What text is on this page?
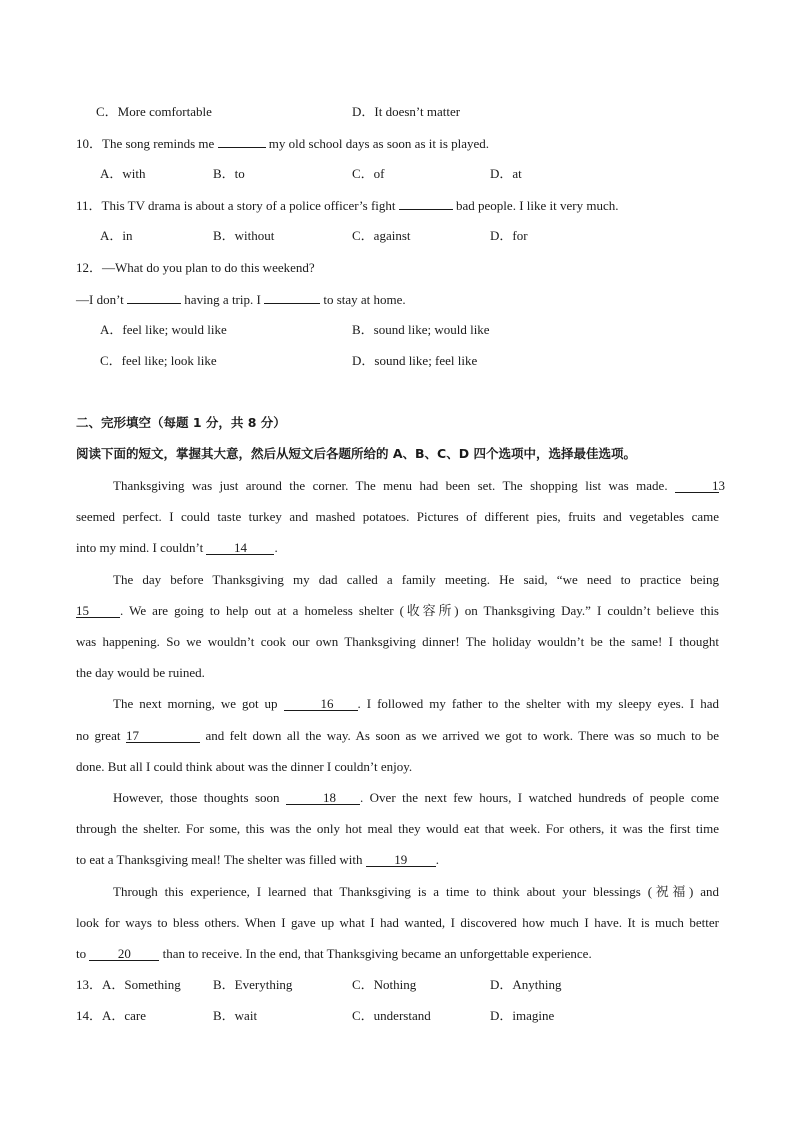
C．More comfortable	D．It doesn’t matter
10．The song reminds me	my old school days as soon as it is played.
A．with	B．to	C．of	D．at
11．This TV drama is about a story of a police officer’s fight	bad people. I like it very much.
A．in	B．without	C．against	D．for
12．—What do you plan to do this weekend?
—I don’t	having a trip. I	to stay at home.
A．feel like; would like	B．sound like; would like
C．feel like; look like	D．sound like; feel like
二、完形填空（每题 1 分，共 8 分）
阅读下面的短文，掌握其大意，然后从短文后各题所给的 A、B、C、D 四个选项中，选择最佳选项。
Thanksgiving was just around the corner. The menu had been set. The shopping list was made.	13
seemed perfect. I could taste turkey and mashed potatoes. Pictures of different pies, fruits and vegetables came
into my mind. I couldn’t 14 .
The day before Thanksgiving my dad called a family meeting. He said, “we need to practice being
15 . We are going to help out at a homeless shelter (收容所) on Thanksgiving Day.” I couldn’t believe this
was happening. So we wouldn’t cook our own Thanksgiving dinner! The holiday wouldn’t be the same! I thought
the day would be ruined.
The next morning, we got up	16 . I followed my father to the shelter with my sleepy eyes. I had
no great 17	and felt down all the way. As soon as we arrived we got to work. There was so much to be
done. But all I could think about was the dinner I couldn’t enjoy.
However, those thoughts soon	18 . Over the next few hours, I watched hundreds of people come
through the shelter. For some, this was the only hot meal they would eat that week. For others, it was the first time
to eat a Thanksgiving meal! The shelter was filled with 19 .
Through this experience, I learned that Thanksgiving is a time to think about your blessings (祝福) and
look for ways to bless others. When I gave up what I had wanted, I discovered how much I have. It is much better
to 20 than to receive. In the end, that Thanksgiving became an unforgettable experience.
13．A．Something B．Everything	C．Nothing	D．Anything
14．A．care	B．wait	C．understand	D．imagine
